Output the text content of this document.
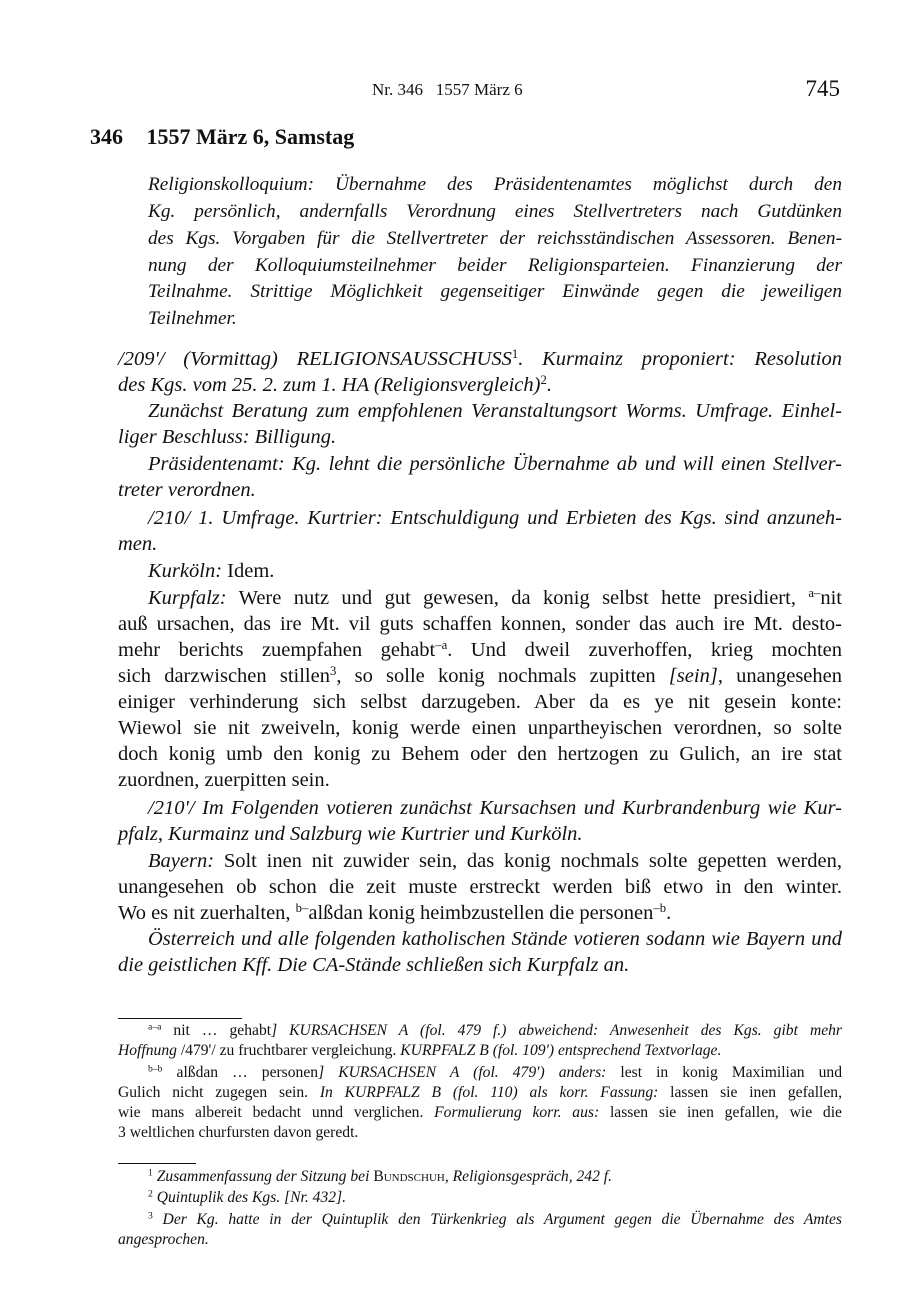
Nr. 346   1557 März 6	745
346 1557 März 6, Samstag
Religionskolloquium: Übernahme des Präsidentenamtes möglichst durch den
Kg. persönlich, andernfalls Verordnung eines Stellvertreters nach Gutdünken
des Kgs. Vorgaben für die Stellvertreter der reichsständischen Assessoren. Benen-
nung der Kolloquiumsteilnehmer beider Religionsparteien. Finanzierung der
Teilnahme. Strittige Möglichkeit gegenseitiger Einwände gegen die jeweiligen
Teilnehmer.
/209'/ (Vormittag) RELIGIONSAUSSCHUSS$^1$. Kurmainz proponiert: Resolution
des Kgs. vom 25. 2. zum 1. HA (Religionsvergleich)$^2$.
Zunächst Beratung zum empfohlenen Veranstaltungsort Worms. Umfrage. Einhel-
liger Beschluss: Billigung.
Präsidentenamt: Kg. lehnt die persönliche Übernahme ab und will einen Stellver-
treter verordnen.
/210/ 1. Umfrage. Kurtrier: Entschuldigung und Erbieten des Kgs. sind anzuneh-
men.
Kurköln: Idem.
Kurpfalz: Were nutz und gut gewesen, da konig selbst hette presidiert, $^{a-}$nit
auß ursachen, das ire Mt. vil guts schaffen konnen, sonder das auch ire Mt. desto-
mehr berichts zuempfahen gehabt$^{-a}$. Und dweil zuverhoffen, krieg mochten
sich darzwischen stillen$^3$, so solle konig nochmals zupitten [sein], unangesehen
einiger verhinderung sich selbst darzugeben. Aber da es ye nit gesein konte:
Wiewol sie nit zweiveln, konig werde einen unpartheyischen verordnen, so solte
doch konig umb den konig zu Behem oder den hertzogen zu Gulich, an ire stat
zuordnen, zuerpitten sein.
/210'/ Im Folgenden votieren zunächst Kursachsen und Kurbrandenburg wie Kur-
pfalz, Kurmainz und Salzburg wie Kurtrier und Kurköln.
Bayern: Solt inen nit zuwider sein, das konig nochmals solte gepetten werden,
unangesehen ob schon die zeit muste erstreckt werden biß etwo in den winter.
Wo es nit zuerhalten, $^{b-}$alßdan konig heimbzustellen die personen$^{-b}$.
Österreich und alle folgenden katholischen Stände votieren sodann wie Bayern und
die geistlichen Kff. Die CA-Stände schließen sich Kurpfalz an.
$^{a-a}$ nit … gehabt] KURSACHSEN A (fol. 479 f.) abweichend: Anwesenheit des Kgs. gibt mehr
Hoffnung /479'/ zu fruchtbarer vergleichung. KURPFALZ B (fol. 109') entsprechend Textvorlage.
$^{b-b}$ alßdan … personen] KURSACHSEN A (fol. 479') anders: lest in konig Maximilian und
Gulich nicht zugegen sein. In KURPFALZ B (fol. 110) als korr. Fassung: lassen sie inen gefallen,
wie mans albereit bedacht unnd verglichen. Formulierung korr. aus: lassen sie inen gefallen, wie die
3 weltlichen churfursten davon geredt.
$^1$ Zusammenfassung der Sitzung bei Bundschuh, Religionsgespräch, 242 f.
$^2$ Quintuplik des Kgs. [Nr. 432].
$^3$ Der Kg. hatte in der Quintuplik den Türkenkrieg als Argument gegen die Übernahme des Amtes
angesprochen.
